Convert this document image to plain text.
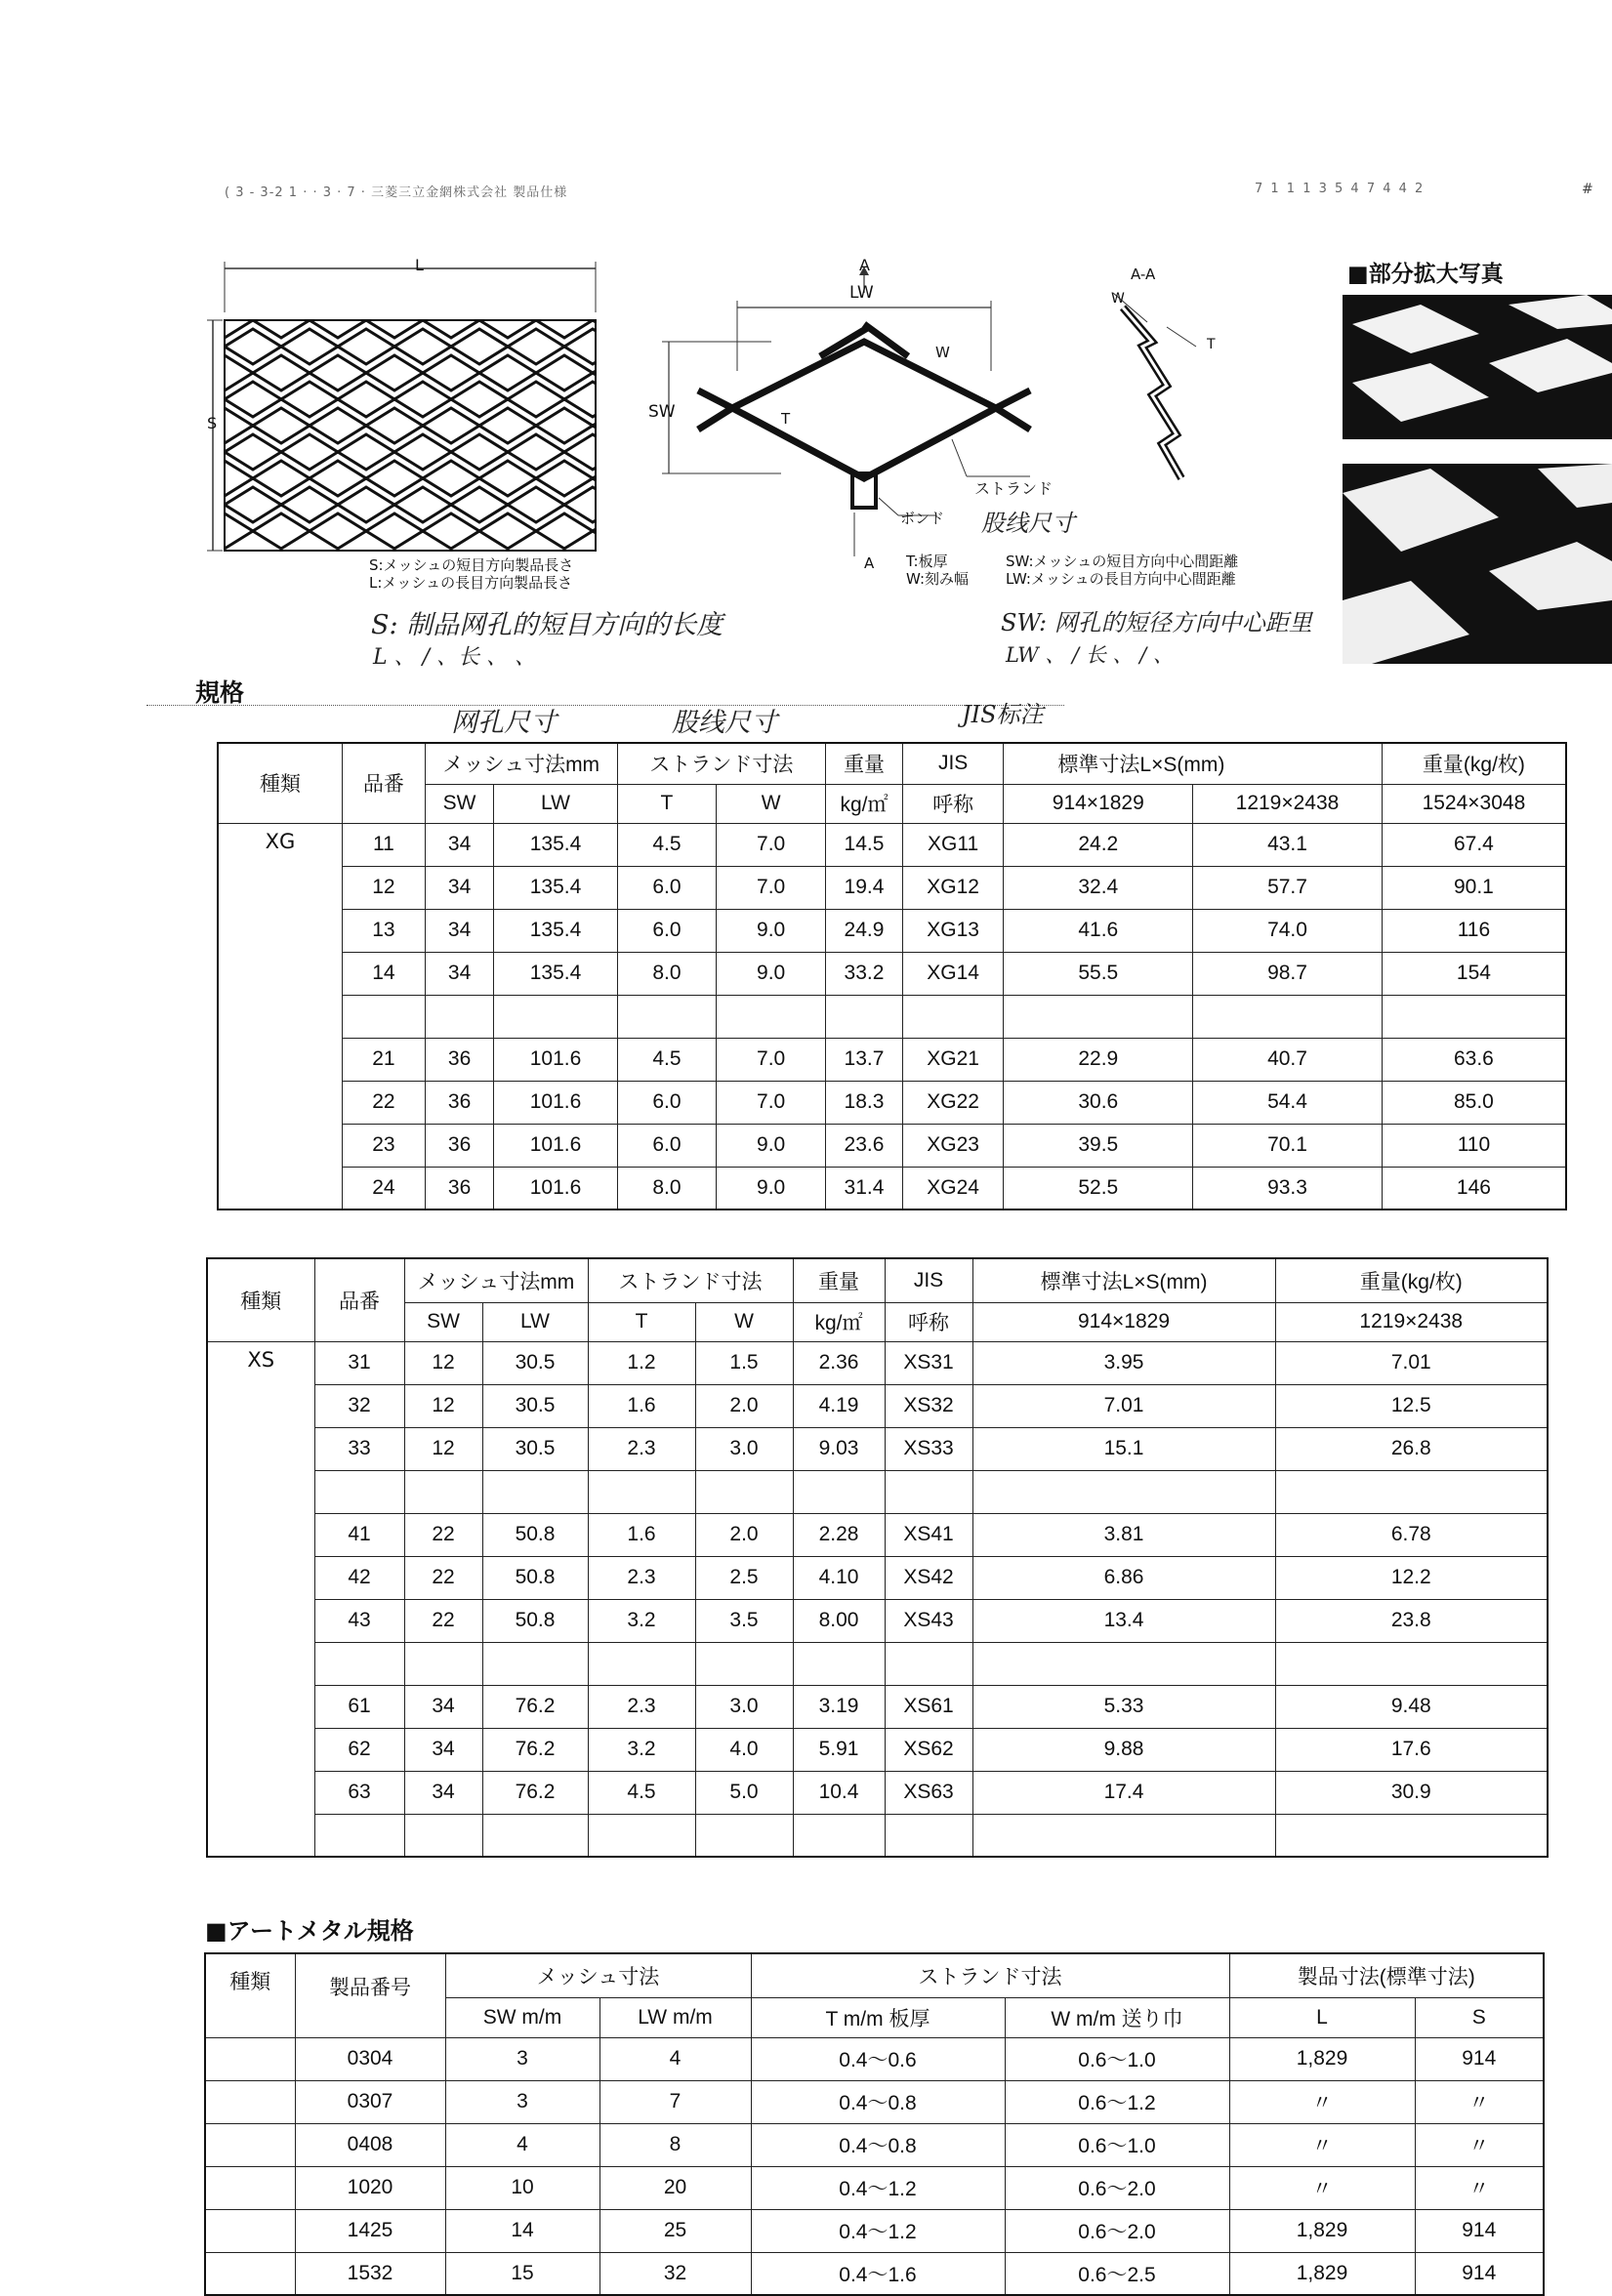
( 3 - 3-2 1 · · 3 · 7 · 三菱三立金網株式会社 製品仕様	7 1 1 1 3 5 4 7 4 4 2	#
L
S
S:メッシュの短目方向製品長さ
L:メッシュの長目方向製品長さ
S: 制品网孔的短目方向的长度
L 、 / 、长 、 、
A
LW
SW
W
T
ストランド
ボンド 股线尺寸
A T:板厚
W:刻み幅
SW:メッシュの短目方向中心間距離
LW:メッシュの長目方向中心間距離
SW: 网孔的短径方向中心距里
LW 、 / 长 、 / 、
A-A
W
T
■部分拡大写真
規格
网孔尺寸	股线尺寸	JIS标注
種類	品番	メッシュ寸法mm		ストランド寸法		重量	JIS	標準寸法L×S(mm)		重量(kg/枚)
		SW	LW	T	W	kg/㎡	呼称	914×1829	1219×2438	1524×3048
XG	11	34	135.4	4.5	7.0	14.5	XG11	24.2	43.1	67.4
	12	34	135.4	6.0	7.0	19.4	XG12	32.4	57.7	90.1
	13	34	135.4	6.0	9.0	24.9	XG13	41.6	74.0	116
	14	34	135.4	8.0	9.0	33.2	XG14	55.5	98.7	154

	21	36	101.6	4.5	7.0	13.7	XG21	22.9	40.7	63.6
	22	36	101.6	6.0	7.0	18.3	XG22	30.6	54.4	85.0
	23	36	101.6	6.0	9.0	23.6	XG23	39.5	70.1	110
	24	36	101.6	8.0	9.0	31.4	XG24	52.5	93.3	146
種類	品番	メッシュ寸法mm		ストランド寸法		重量	JIS	標準寸法L×S(mm)	重量(kg/枚)
		SW	LW	T	W	kg/㎡	呼称	914×1829	1219×2438
XS	31	12	30.5	1.2	1.5	2.36	XS31	3.95	7.01
	32	12	30.5	1.6	2.0	4.19	XS32	7.01	12.5
	33	12	30.5	2.3	3.0	9.03	XS33	15.1	26.8

	41	22	50.8	1.6	2.0	2.28	XS41	3.81	6.78
	42	22	50.8	2.3	2.5	4.10	XS42	6.86	12.2
	43	22	50.8	3.2	3.5	8.00	XS43	13.4	23.8

	61	34	76.2	2.3	3.0	3.19	XS61	5.33	9.48
	62	34	76.2	3.2	4.0	5.91	XS62	9.88	17.6
	63	34	76.2	4.5	5.0	10.4	XS63	17.4	30.9

■アートメタル規格
種類	製品番号	メッシュ寸法		ストランド寸法		製品寸法(標準寸法)	
		SW m/m	LW m/m	T m/m 板厚	W m/m 送り巾	L	S
	0304	3	4	0.4～0.6	0.6～1.0	1,829	914
	0307	3	7	0.4～0.8	0.6～1.2	〃	〃
	0408	4	8	0.4～0.8	0.6～1.0	〃	〃
	1020	10	20	0.4～1.2	0.6～2.0	〃	〃
	1425	14	25	0.4～1.2	0.6～2.0	1,829	914
	1532	15	32	0.4～1.6	0.6～2.5	1,829	914
